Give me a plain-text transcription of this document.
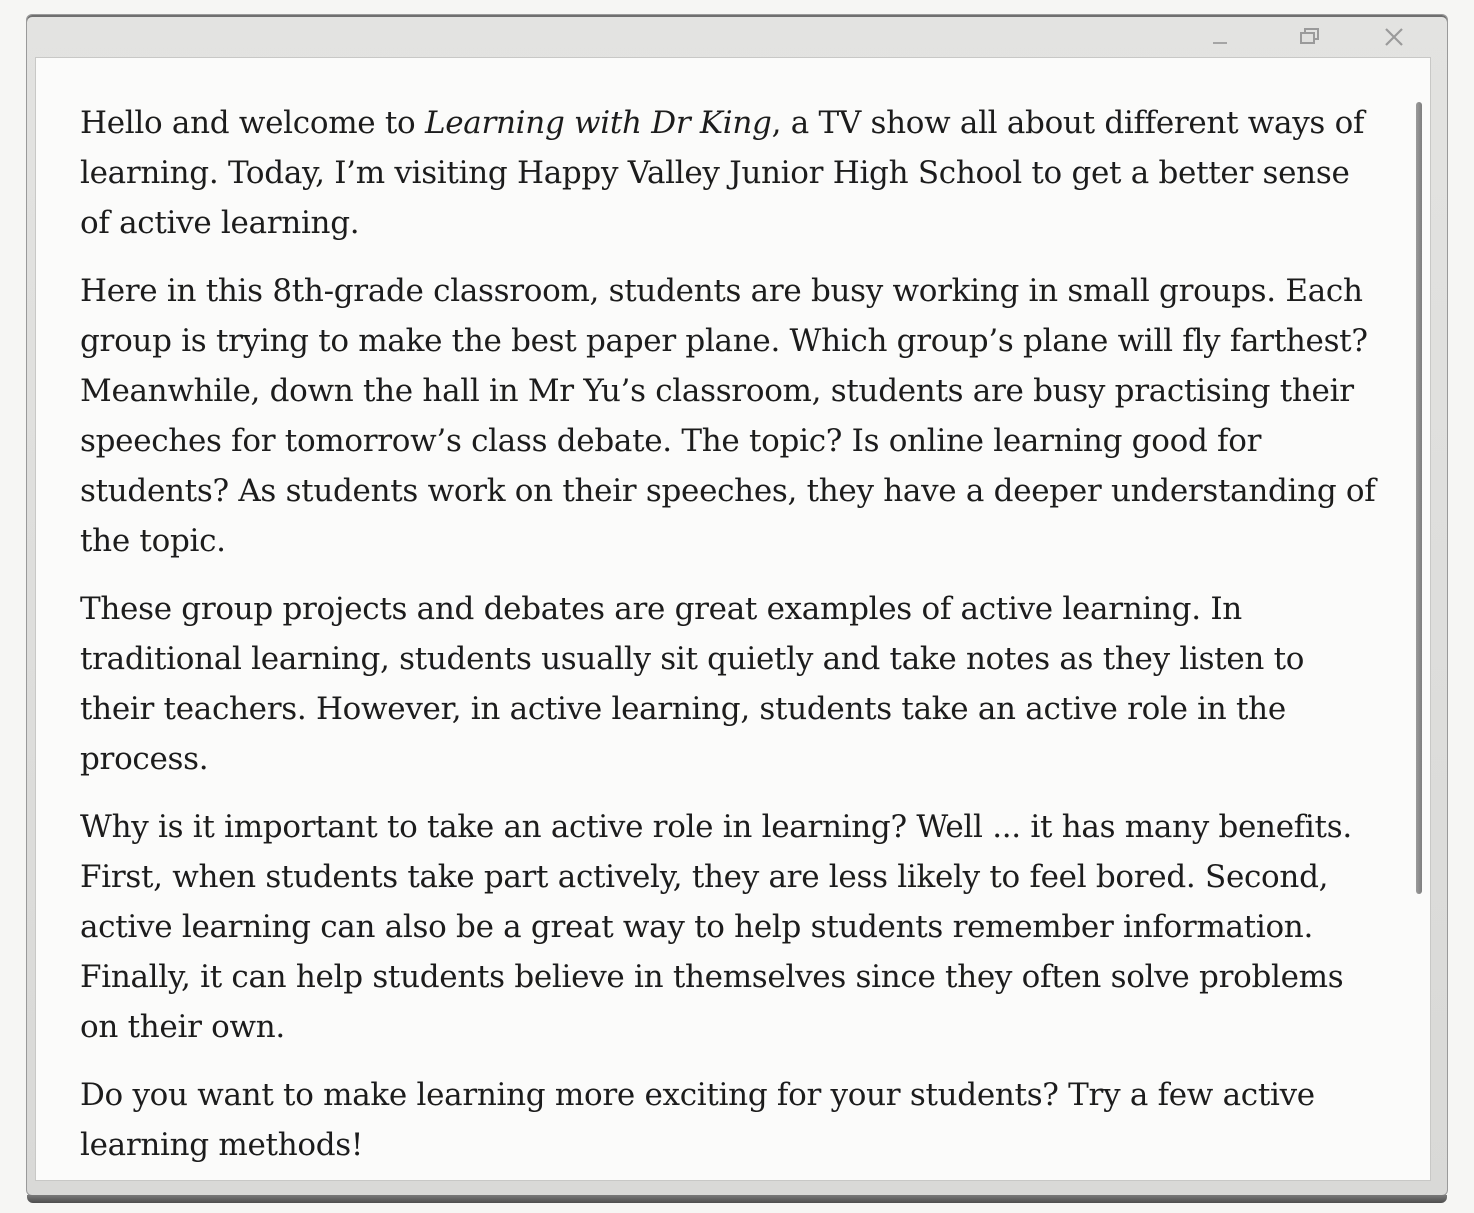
Hello and welcome to Learning with Dr King, a TV show all about different ways of learning. Today, I’m visiting Happy Valley Junior High School to get a better sense of active learning.

Here in this 8th-grade classroom, students are busy working in small groups. Each group is trying to make the best paper plane. Which group’s plane will fly farthest? Meanwhile, down the hall in Mr Yu’s classroom, students are busy practising their speeches for tomorrow’s class debate. The topic? Is online learning good for students? As students work on their speeches, they have a deeper understanding of the topic.

These group projects and debates are great examples of active learning. In traditional learning, students usually sit quietly and take notes as they listen to their teachers. However, in active learning, students take an active role in the process.

Why is it important to take an active role in learning? Well ... it has many benefits. First, when students take part actively, they are less likely to feel bored. Second, active learning can also be a great way to help students remember information. Finally, it can help students believe in themselves since they often solve problems on their own.

Do you want to make learning more exciting for your students? Try a few active learning methods!
